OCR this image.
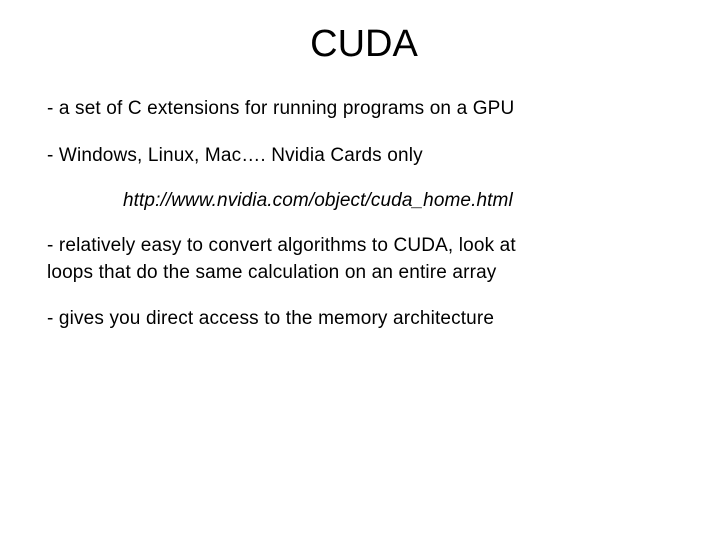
CUDA
- a set of C extensions for running programs on a GPU
- Windows, Linux, Mac…. Nvidia Cards only
http://www.nvidia.com/object/cuda_home.html
- relatively easy to convert algorithms to CUDA, look at
loops that do the same calculation on an entire array
- gives you direct access to the memory architecture
